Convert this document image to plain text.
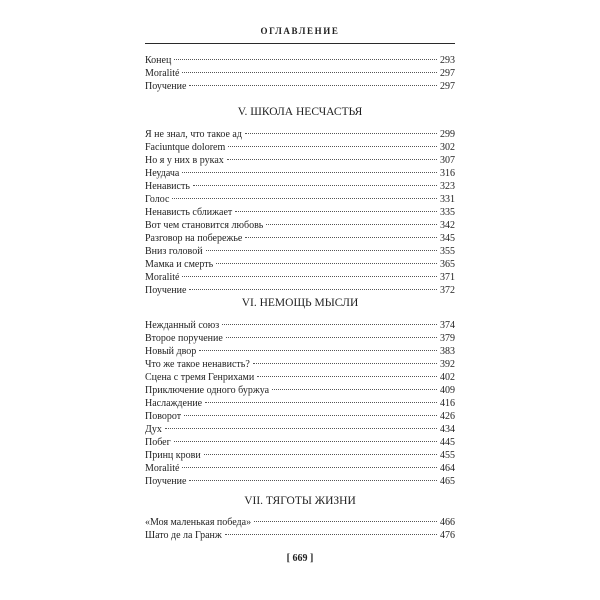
ОГЛАВЛЕНИЕ
Конец	293
Moralité	297
Поучение	297
V. ШКОЛА НЕСЧАСТЬЯ
Я не знал, что такое ад	299
Faciuntque dolorem	302
Но я у них в руках	307
Неудача	316
Ненависть	323
Голос	331
Ненависть сближает	335
Вот чем становится любовь	342
Разговор на побережье	345
Вниз головой	355
Мамка и смерть	365
Moralité	371
Поучение	372
VI. НЕМОЩЬ МЫСЛИ
Нежданный союз	374
Второе поручение	379
Новый двор	383
Что же такое ненависть?	392
Сцена с тремя Генрихами	402
Приключение одного буржуа	409
Наслаждение	416
Поворот	426
Дух	434
Побег	445
Принц крови	455
Moralité	464
Поучение	465
VII. ТЯГОТЫ ЖИЗНИ
«Моя маленькая победа»	466
Шато де ла Гранж	476
[ 669 ]
